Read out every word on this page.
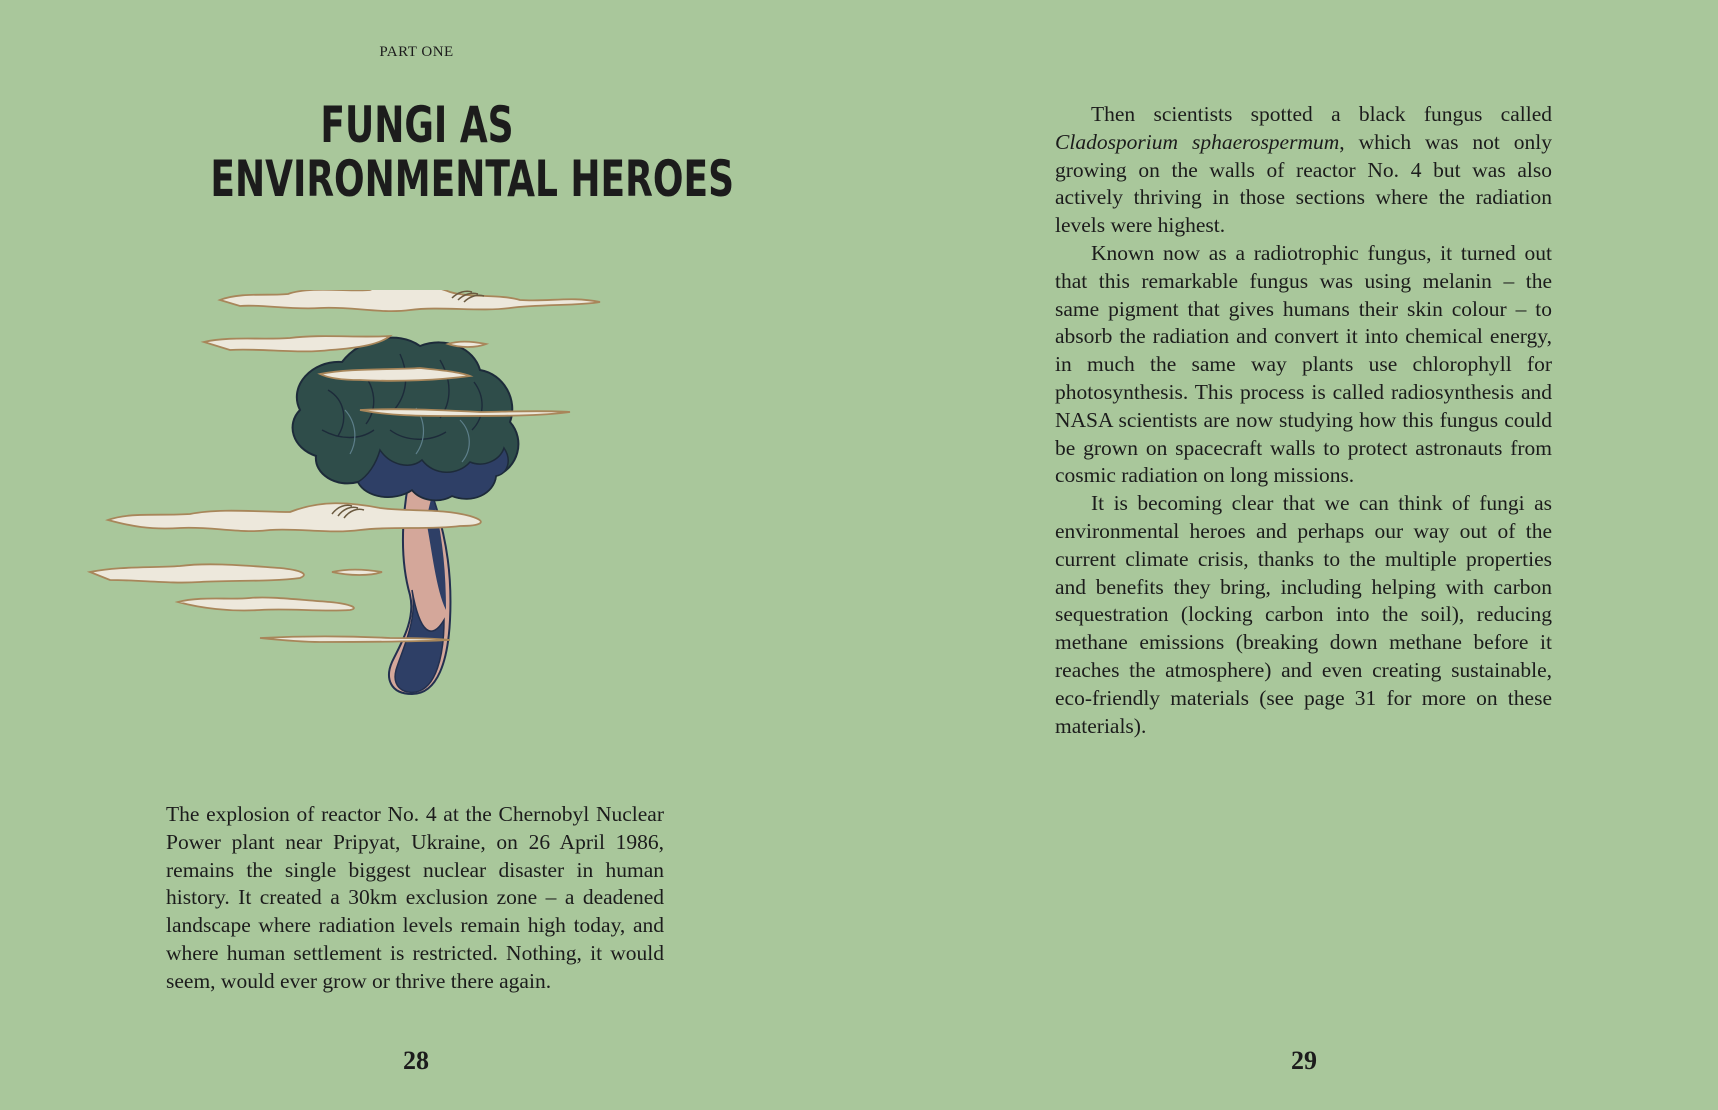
PART ONE
FUNGI AS
ENVIRONMENTAL HEROES

The explosion of reactor No. 4 at the Chernobyl Nuclear Power plant near Pripyat, Ukraine, on 26 April 1986, remains the single biggest nuclear disaster in human history. It created a 30km exclusion zone – a deadened landscape where radiation levels remain high today, and where human settlement is restricted. Nothing, it would seem, would ever grow or thrive there again.

28

Then scientists spotted a black fungus called Cladosporium sphaerospermum, which was not only growing on the walls of reactor No. 4 but was also actively thriving in those sections where the radiation levels were highest.

Known now as a radiotrophic fungus, it turned out that this remarkable fungus was using melanin – the same pigment that gives humans their skin colour – to absorb the radiation and convert it into chemical energy, in much the same way plants use chlorophyll for photosynthesis. This process is called radiosynthesis and NASA scientists are now studying how this fungus could be grown on spacecraft walls to protect astronauts from cosmic radiation on long missions.

It is becoming clear that we can think of fungi as environmental heroes and perhaps our way out of the current climate crisis, thanks to the multiple properties and benefits they bring, including helping with carbon sequestration (locking carbon into the soil), reducing methane emissions (breaking down methane before it reaches the atmosphere) and even creating sustainable, eco-friendly materials (see page 31 for more on these materials).

29
